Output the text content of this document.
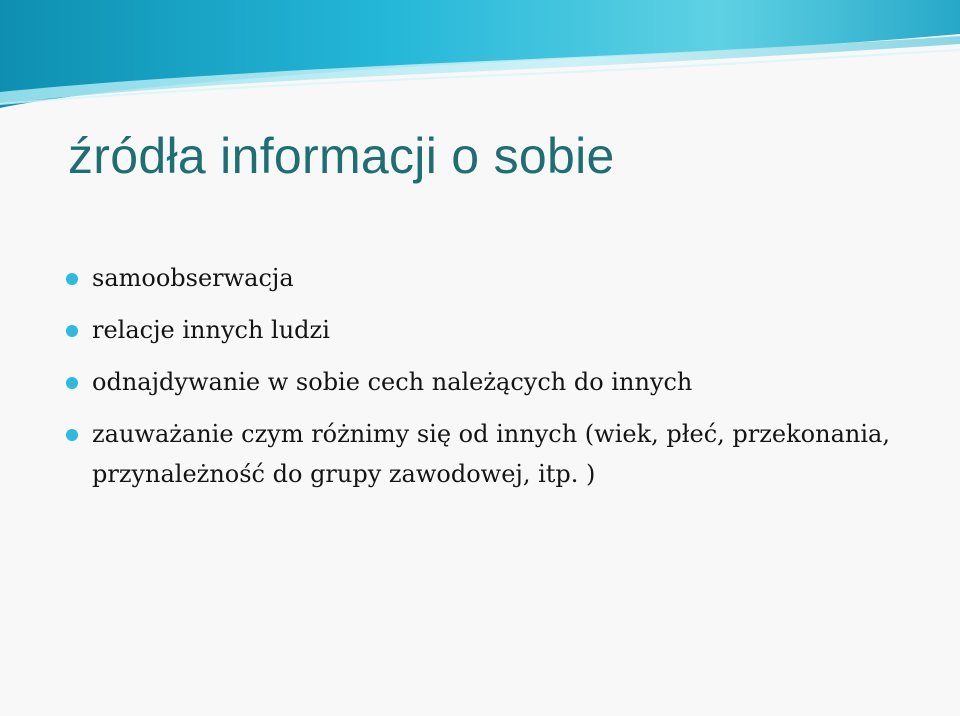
źródła informacji o sobie
samoobserwacja
relacje innych ludzi
odnajdywanie w sobie cech należących do innych
zauważanie czym różnimy się od innych (wiek, płeć, przekonania, przynależność do grupy zawodowej, itp. )
